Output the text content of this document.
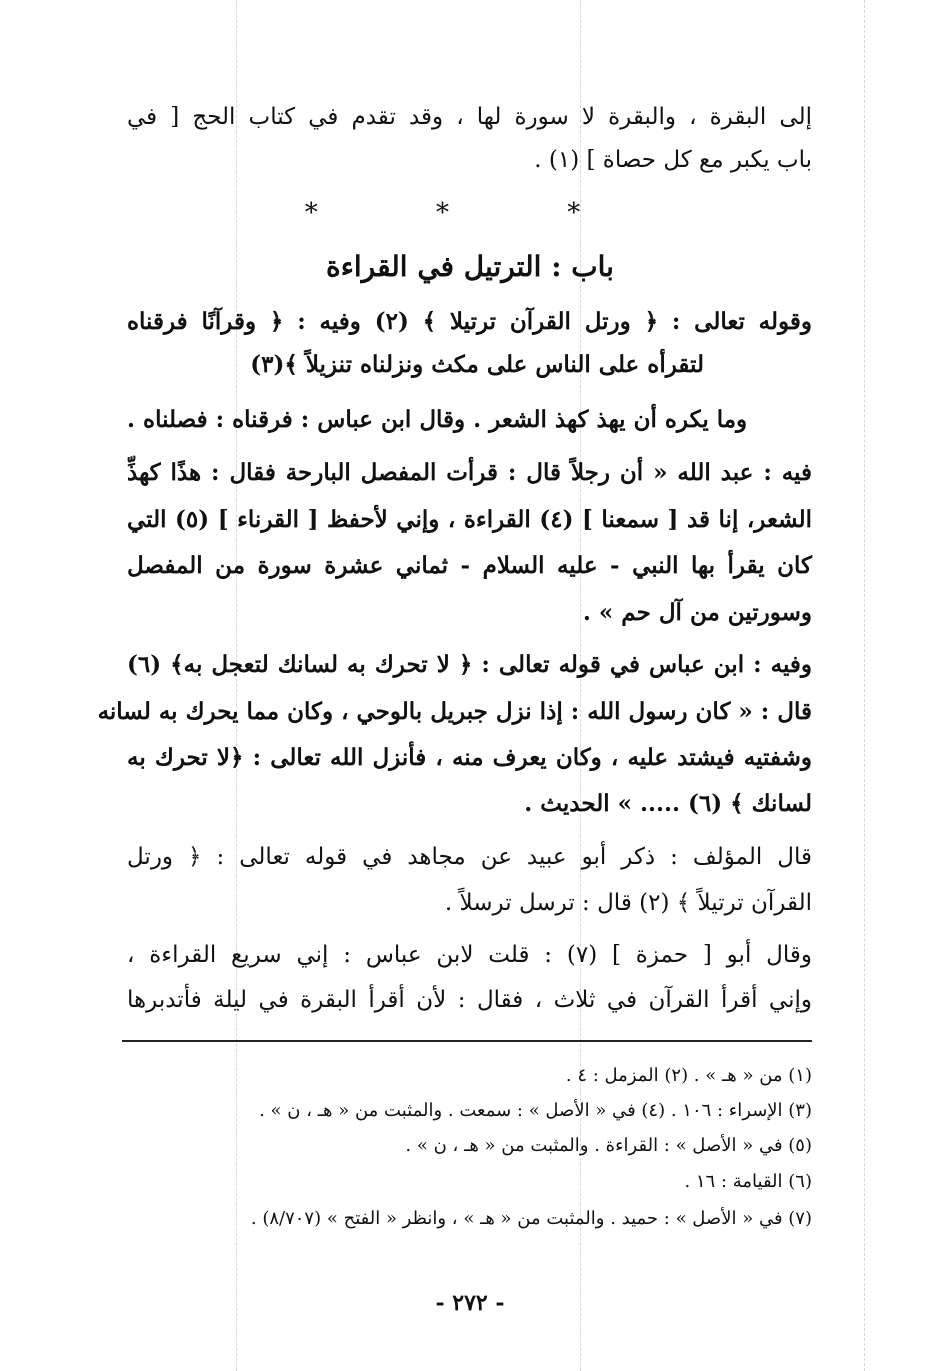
إلى البقرة ، والبقرة لا سورة لها ، وقد تقدم في كتاب الحج [ في

باب يكبر مع كل حصاة ] (١) .

* * *
باب : الترتيل في القراءة

وقوله تعالى : ﴿ ورتل القرآن ترتيلا ﴾ (٢) وفيه : ﴿ وقرآنًا فرقناه

لتقرأه على الناس على مكث ونزلناه تنزيلاً ﴾(٣)

وما يكره أن يهذ كهذ الشعر . وقال ابن عباس : فرقناه : فصلناه .

فيه : عبد الله « أن رجلاً قال : قرأت المفصل البارحة فقال : هذًا كهذِّ

الشعر، إنا قد [ سمعنا ] (٤) القراءة ، وإني لأحفظ [ القرناء ] (٥) التي

كان يقرأ بها النبي - عليه السلام - ثماني عشرة سورة من المفصل

وسورتين من آل حم » .

وفيه : ابن عباس في قوله تعالى : ﴿ لا تحرك به لسانك لتعجل به﴾ (٦)

قال : « كان رسول الله : إذا نزل جبريل بالوحي ، وكان مما يحرك به لسانه

وشفتيه فيشتد عليه ، وكان يعرف منه ، فأنزل الله تعالى : ﴿لا تحرك به

لسانك ﴾ (٦) ..... » الحديث .

قال المؤلف : ذكر أبو عبيد عن مجاهد في قوله تعالى : ﴿ ورتل

القرآن ترتيلاً ﴾ (٢) قال : ترسل ترسلاً .

وقال أبو [ حمزة ] (٧) : قلت لابن عباس : إني سريع القراءة ،

وإني أقرأ القرآن في ثلاث ، فقال : لأن أقرأ البقرة في ليلة فأتدبرها

(١) من « هـ » . (٢) المزمل : ٤ .

(٣) الإسراء : ١٠٦ . (٤) في « الأصل » : سمعت . والمثبت من « هـ ، ن » .

(٥) في « الأصل » : القراءة . والمثبت من « هـ ، ن » .

(٦) القيامة : ١٦ .

(٧) في « الأصل » : حميد . والمثبت من « هـ » ، وانظر « الفتح » (٨/٧٠٧) .

- ٢٧٢ -
